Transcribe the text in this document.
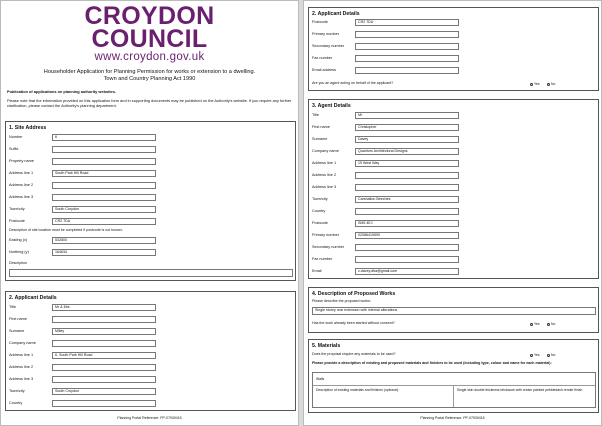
CROYDON
COUNCIL
www.croydon.gov.uk
Householder Application for Planning Permission for works or extension to a dwelling.
Town and Country Planning Act 1990
Publication of applications on planning authority websites.
Please note that the information provided on this application form and in supporting documents may be published on the Authority's website. If you require any further clarification, please contact the Authority's planning department.
1. Site Address
Number	6
Suffix
Property name
Address line 1	South Park Hill Road
Address line 2
Address line 3
Town/city	South Croydon
Postcode	CR2 7DU
Description of site location must be completed if postcode is not known:
Easting (x)	532800
Northing (y)	164634
Description
2. Applicant Details
Title	Mr & Mrs
First name
Surname	Milley
Company name
Address line 1	6, South Park Hill Road
Address line 2
Address line 3
Town/city	South Croydon
Country
Planning Portal Reference: PP-07930415
2. Applicant Details
Postcode	CR2 7DU
Primary number
Secondary number
Fax number
Email address
Are you an agent acting on behalf of the applicant?	Yes	No
3. Agent Details
Title	Mr
First name	Christopher
Surname	Davey
Company name	Quantum Architectural Designs
Address line 1	19 West Way
Address line 2
Address line 3
Town/city	Carshalton Beeches
Country
Postcode	SM5 4EJ
Primary number	02086419590
Secondary number
Fax number
Email	c.davey.dba@gmail.com
4. Description of Proposed Works
Please describe the proposed works:
Single storey rear extension with internal alterations
Has the work already been started without consent?	Yes	No
5. Materials
Does the proposal require any materials to be used?	Yes	No
Please provide a description of existing and proposed materials and finishes to be used (including type, colour and name for each material):
Walls
Description of existing materials and finishes (optional):	Single skin double thickness brickwork with cream painted pebbledash render finish
Planning Portal Reference: PP-07930415
